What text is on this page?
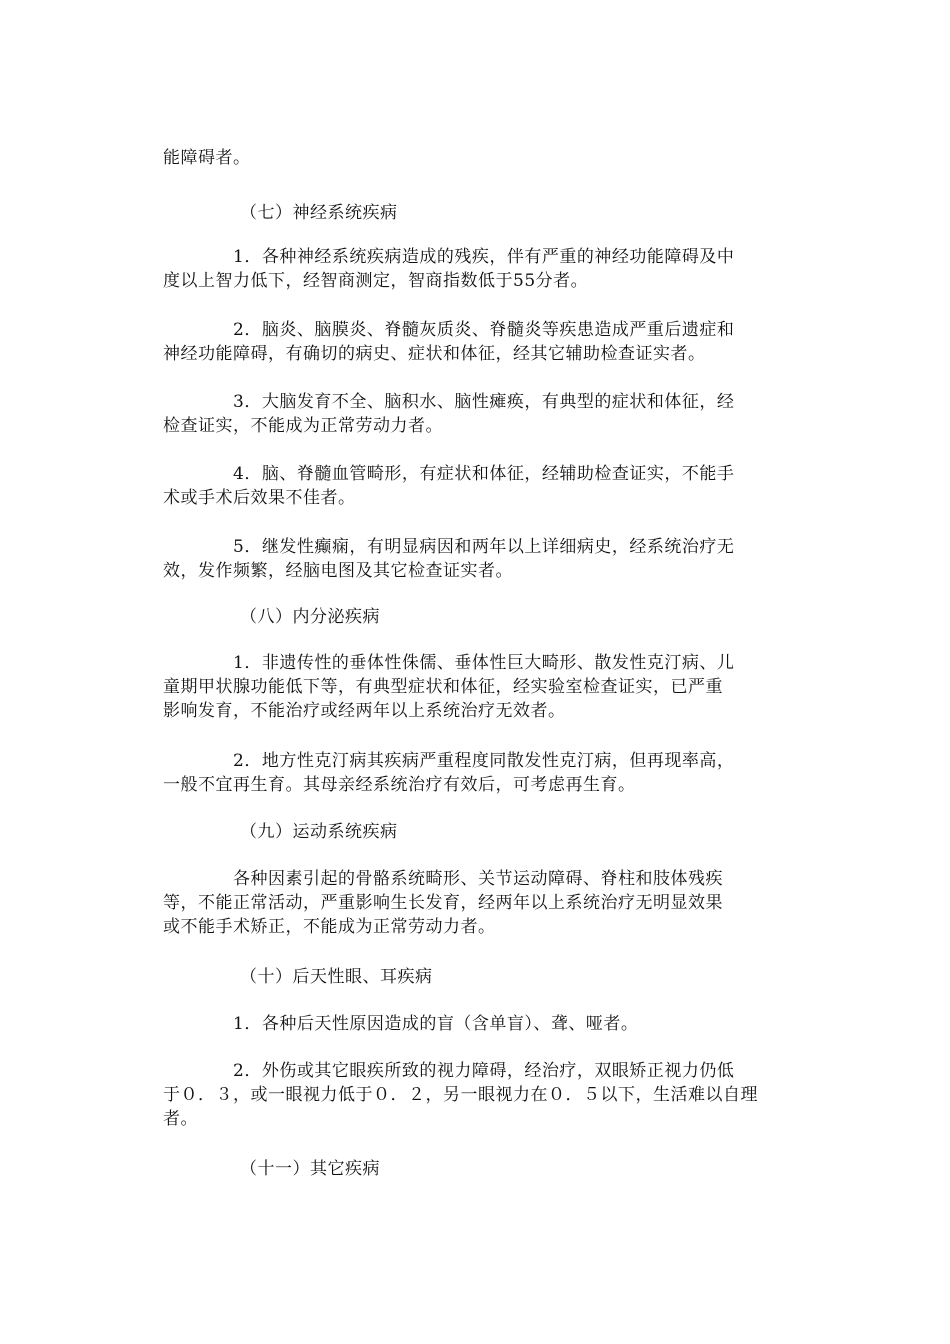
能障碍者。
（七）神经系统疾病
　　　　1．各种神经系统疾病造成的残疾，伴有严重的神经功能障碍及中
度以上智力低下，经智商测定，智商指数低于55分者。
　　　　2．脑炎、脑膜炎、脊髓灰质炎、脊髓炎等疾患造成严重后遗症和
神经功能障碍，有确切的病史、症状和体征，经其它辅助检查证实者。
　　　　3．大脑发育不全、脑积水、脑性瘫痪，有典型的症状和体征，经
检查证实，不能成为正常劳动力者。
　　　　4．脑、脊髓血管畸形，有症状和体征，经辅助检查证实，不能手
术或手术后效果不佳者。
　　　　5．继发性癫痫，有明显病因和两年以上详细病史，经系统治疗无
效，发作频繁，经脑电图及其它检查证实者。
（八）内分泌疾病
　　　　1．非遗传性的垂体性侏儒、垂体性巨大畸形、散发性克汀病、儿
童期甲状腺功能低下等，有典型症状和体征，经实验室检查证实，已严重
影响发育，不能治疗或经两年以上系统治疗无效者。
　　　　2．地方性克汀病其疾病严重程度同散发性克汀病，但再现率高，
一般不宜再生育。其母亲经系统治疗有效后，可考虑再生育。
（九）运动系统疾病
　　　　各种因素引起的骨骼系统畸形、关节运动障碍、脊柱和肢体残疾
等，不能正常活动，严重影响生长发育，经两年以上系统治疗无明显效果
或不能手术矫正，不能成为正常劳动力者。
（十）后天性眼、耳疾病
　　　　1．各种后天性原因造成的盲（含单盲）、聋、哑者。
　　　　2．外伤或其它眼疾所致的视力障碍，经治疗，双眼矫正视力仍低
于０．３，或一眼视力低于０．２，另一眼视力在０．５以下，生活难以自理
者。
（十一）其它疾病
